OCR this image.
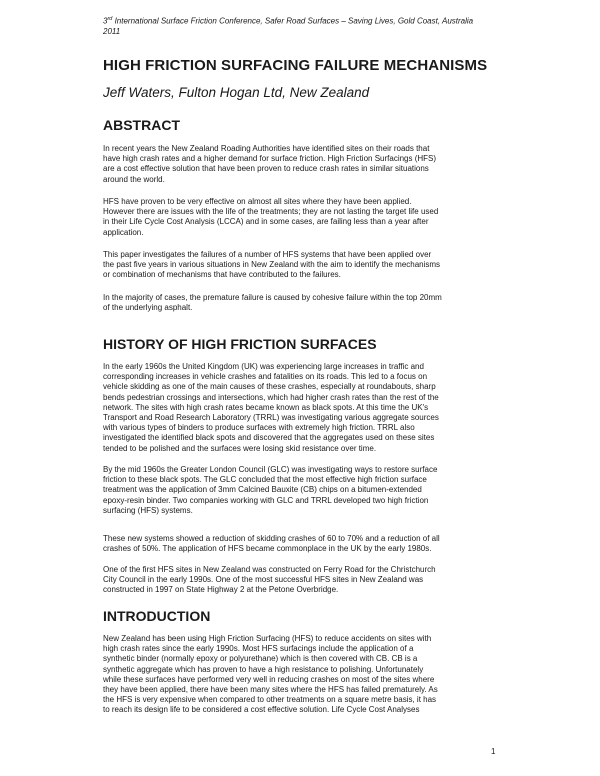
3rd International Surface Friction Conference, Safer Road Surfaces – Saving Lives, Gold Coast, Australia
2011
HIGH FRICTION SURFACING FAILURE MECHANISMS
Jeff Waters, Fulton Hogan Ltd, New Zealand
ABSTRACT

In recent years the New Zealand Roading Authorities have identified sites on their roads that
have high crash rates and a higher demand for surface friction. High Friction Surfacings (HFS)
are a cost effective solution that have been proven to reduce crash rates in similar situations
around the world.

HFS have proven to be very effective on almost all sites where they have been applied.
However there are issues with the life of the treatments; they are not lasting the target life used
in their Life Cycle Cost Analysis (LCCA) and in some cases, are failing less than a year after
application.

This paper investigates the failures of a number of HFS systems that have been applied over
the past five years in various situations in New Zealand with the aim to identify the mechanisms
or combination of mechanisms that have contributed to the failures.

In the majority of cases, the premature failure is caused by cohesive failure within the top 20mm
of the underlying asphalt.

HISTORY OF HIGH FRICTION SURFACES

In the early 1960s the United Kingdom (UK) was experiencing large increases in traffic and
corresponding increases in vehicle crashes and fatalities on its roads. This led to a focus on
vehicle skidding as one of the main causes of these crashes, especially at roundabouts, sharp
bends pedestrian crossings and intersections, which had higher crash rates than the rest of the
network. The sites with high crash rates became known as black spots. At this time the UK's
Transport and Road Research Laboratory (TRRL) was investigating various aggregate sources
with various types of binders to produce surfaces with extremely high friction. TRRL also
investigated the identified black spots and discovered that the aggregates used on these sites
tended to be polished and the surfaces were losing skid resistance over time.

By the mid 1960s the Greater London Council (GLC) was investigating ways to restore surface
friction to these black spots. The GLC concluded that the most effective high friction surface
treatment was the application of 3mm Calcined Bauxite (CB) chips on a bitumen-extended
epoxy-resin binder. Two companies working with GLC and TRRL developed two high friction
surfacing (HFS) systems.

These new systems showed a reduction of skidding crashes of 60 to 70% and a reduction of all
crashes of 50%. The application of HFS became commonplace in the UK by the early 1980s.

One of the first HFS sites in New Zealand was constructed on Ferry Road for the Christchurch
City Council in the early 1990s. One of the most successful HFS sites in New Zealand was
constructed in 1997 on State Highway 2 at the Petone Overbridge.

INTRODUCTION

New Zealand has been using High Friction Surfacing (HFS) to reduce accidents on sites with
high crash rates since the early 1990s. Most HFS surfacings include the application of a
synthetic binder (normally epoxy or polyurethane) which is then covered with CB. CB is a
synthetic aggregate which has proven to have a high resistance to polishing. Unfortunately
while these surfaces have performed very well in reducing crashes on most of the sites where
they have been applied, there have been many sites where the HFS has failed prematurely. As
the HFS is very expensive when compared to other treatments on a square metre basis, it has
to reach its design life to be considered a cost effective solution. Life Cycle Cost Analyses

1
